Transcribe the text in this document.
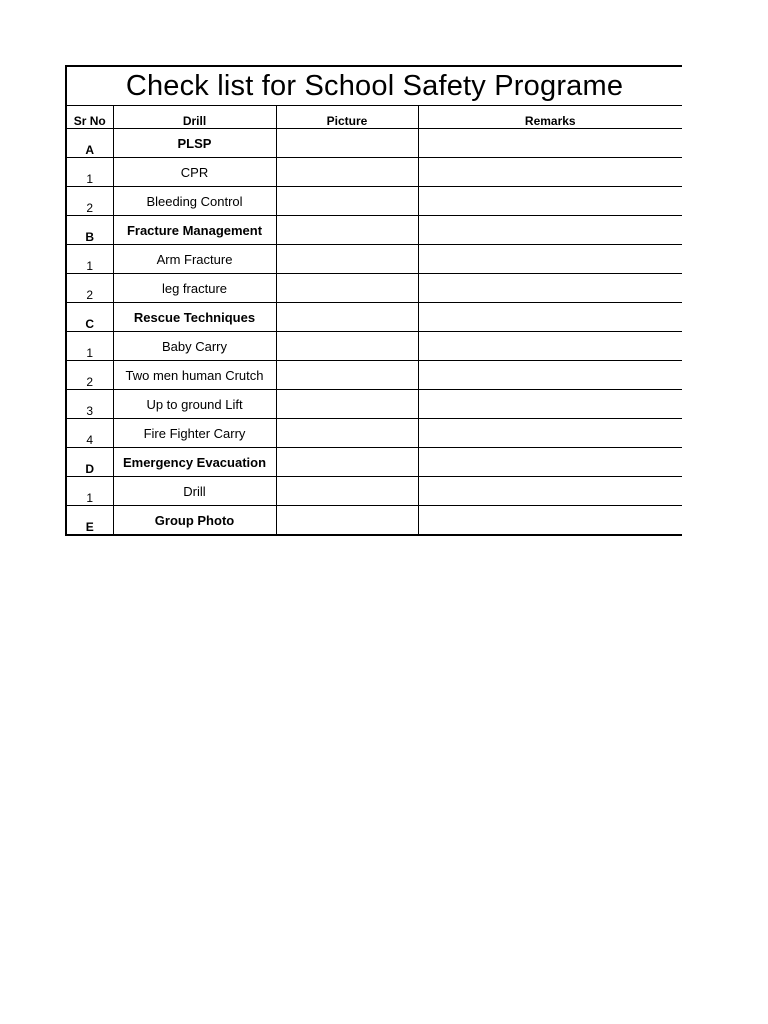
Check list for School Safety Programe			
Sr No	Drill	Picture	Remarks
A	PLSP		
1	CPR		
2	Bleeding Control		
B	Fracture Management		
1	Arm Fracture		
2	leg fracture		
C	Rescue Techniques		
1	Baby Carry		
2	Two men human Crutch		
3	Up to ground Lift		
4	Fire Fighter Carry		
D	Emergency Evacuation		
1	Drill		
E	Group Photo		
